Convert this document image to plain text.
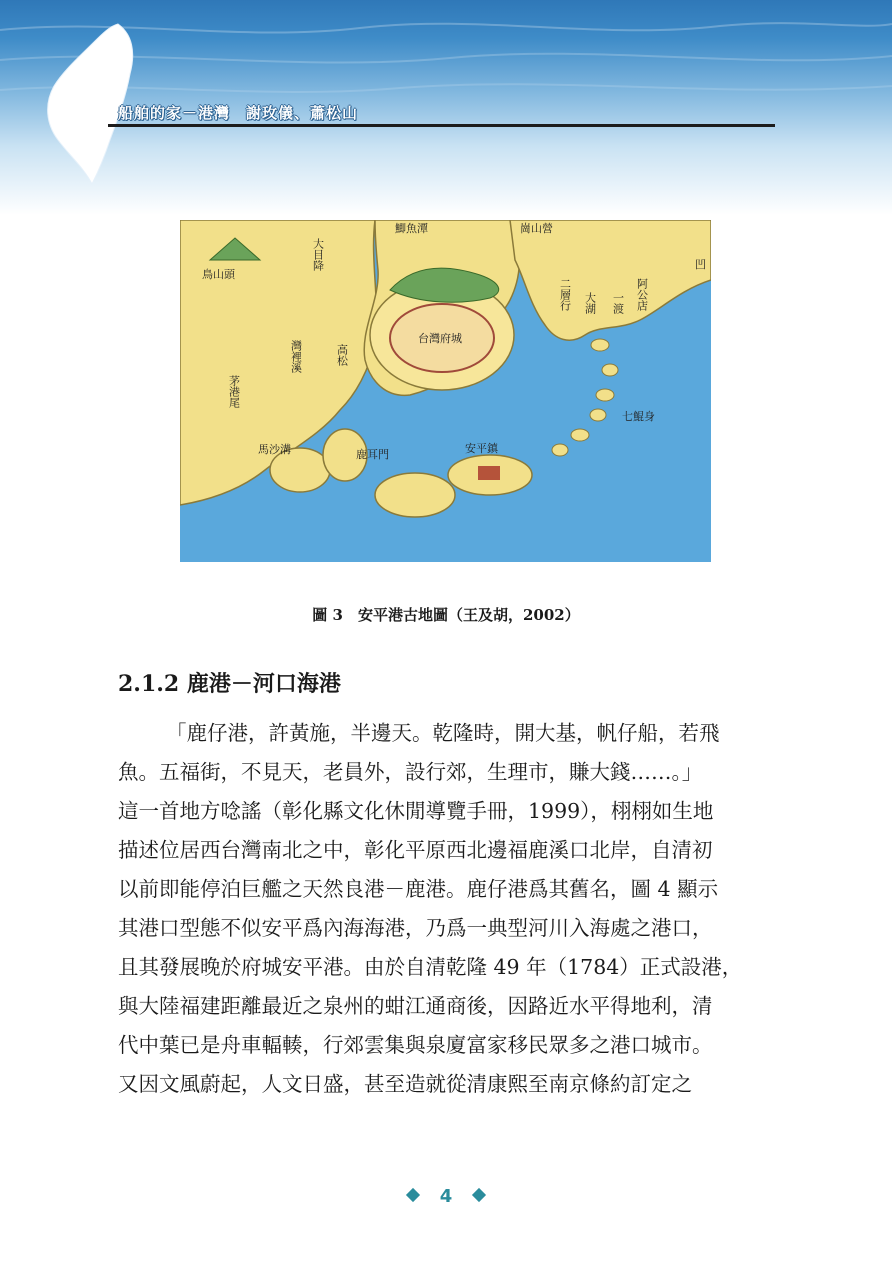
船舶的家－港灣　謝玫儀、蕭松山
鳥山頭
大目降
鯽魚潭	崗山營
凹
二層行 大湖 一渡 阿公店
灣裡溪	高松
台灣府城
茅港尾
七鯤身
馬沙溝	鹿耳門	安平鎮
圖 3　安平港古地圖（王及胡，2002）
2.1.2 鹿港－河口海港
「鹿仔港，許黃施，半邊天。乾隆時，開大基，帆仔船，若飛
魚。五福街，不見天，老員外，設行郊，生理市，賺大錢……。」
這一首地方唸謠（彰化縣文化休閒導覽手冊，1999），栩栩如生地
描述位居西台灣南北之中，彰化平原西北邊福鹿溪口北岸，自清初
以前即能停泊巨艦之天然良港－鹿港。鹿仔港爲其舊名，圖 4 顯示
其港口型態不似安平爲內海海港，乃爲一典型河川入海處之港口，
且其發展晚於府城安平港。由於自清乾隆 49 年（1784）正式設港，
與大陸福建距離最近之泉州的蚶江通商後，因路近水平得地利，清
代中葉已是舟車輻輳，行郊雲集與泉廈富家移民眾多之港口城市。
又因文風蔚起，人文日盛，甚至造就從清康熙至南京條約訂定之
4
